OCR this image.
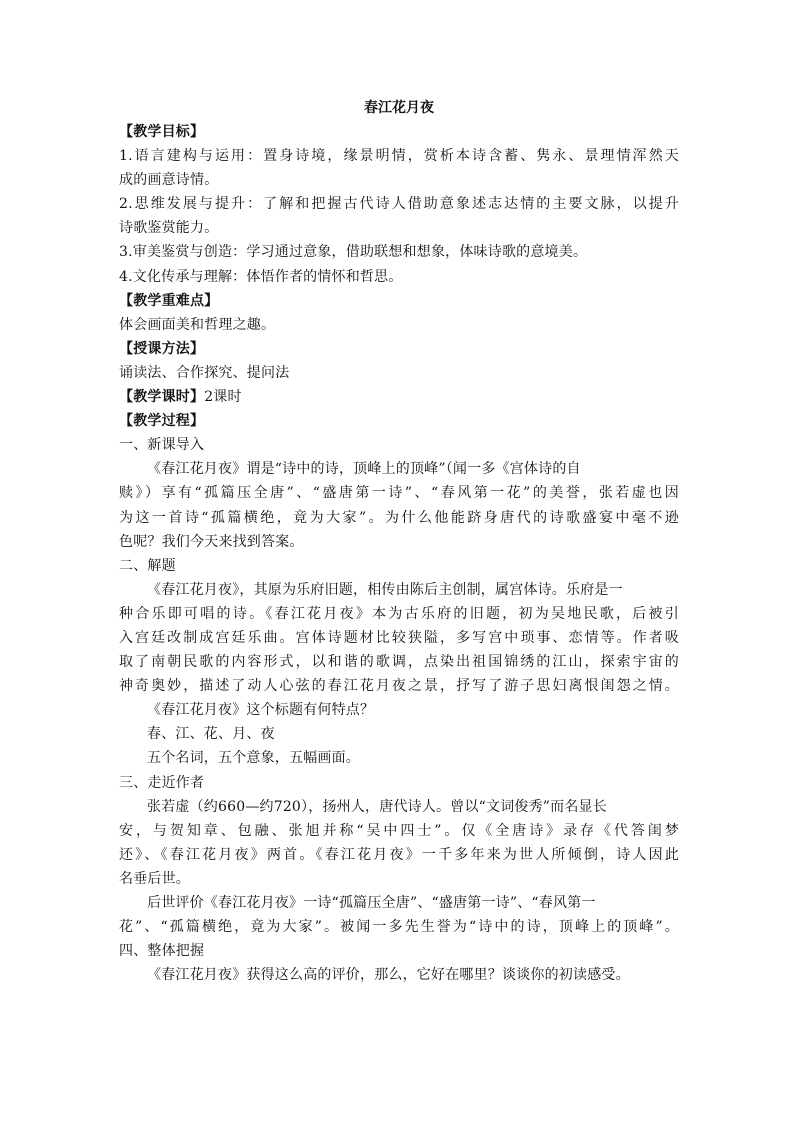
春江花月夜
【教学目标】
1.语言建构与运用：置身诗境，缘景明情，赏析本诗含蓄、隽永、景理情浑然天
成的画意诗情。
2.思维发展与提升：了解和把握古代诗人借助意象述志达情的主要文脉，以提升
诗歌鉴赏能力。
3.审美鉴赏与创造：学习通过意象，借助联想和想象，体味诗歌的意境美。
4.文化传承与理解：体悟作者的情怀和哲思。
【教学重难点】
体会画面美和哲理之趣。
【授课方法】
诵读法、合作探究、提问法
【教学课时】2课时
【教学过程】
一、新课导入
《春江花月夜》谓是“诗中的诗，顶峰上的顶峰”（闻一多《宫体诗的自
赎》）享有“孤篇压全唐”、“盛唐第一诗”、“春风第一花”的美誉，张若虚也因
为这一首诗“孤篇横绝，竟为大家”。为什么他能跻身唐代的诗歌盛宴中毫不逊
色呢？我们今天来找到答案。
二、解题
《春江花月夜》，其原为乐府旧题，相传由陈后主创制，属宫体诗。乐府是一
种合乐即可唱的诗。《春江花月夜》本为古乐府的旧题，初为吴地民歌，后被引
入宫廷改制成宫廷乐曲。宫体诗题材比较狭隘，多写宫中琐事、恋情等。作者吸
取了南朝民歌的内容形式，以和谐的歌调，点染出祖国锦绣的江山，探索宇宙的
神奇奥妙，描述了动人心弦的春江花月夜之景，抒写了游子思妇离恨闺怨之情。
《春江花月夜》这个标题有何特点？
春、江、花、月、夜
五个名词，五个意象，五幅画面。
三、走近作者
张若虚（约660—约720），扬州人，唐代诗人。曾以“文词俊秀”而名显长
安，与贺知章、包融、张旭并称“吴中四士”。仅《全唐诗》录存《代答闺梦
还》、《春江花月夜》两首。《春江花月夜》一千多年来为世人所倾倒，诗人因此
名垂后世。
后世评价《春江花月夜》一诗“孤篇压全唐”、“盛唐第一诗”、“春风第一
花”、“孤篇横绝，竟为大家”。被闻一多先生誉为“诗中的诗，顶峰上的顶峰”。
四、整体把握
《春江花月夜》获得这么高的评价，那么，它好在哪里？谈谈你的初读感受。
